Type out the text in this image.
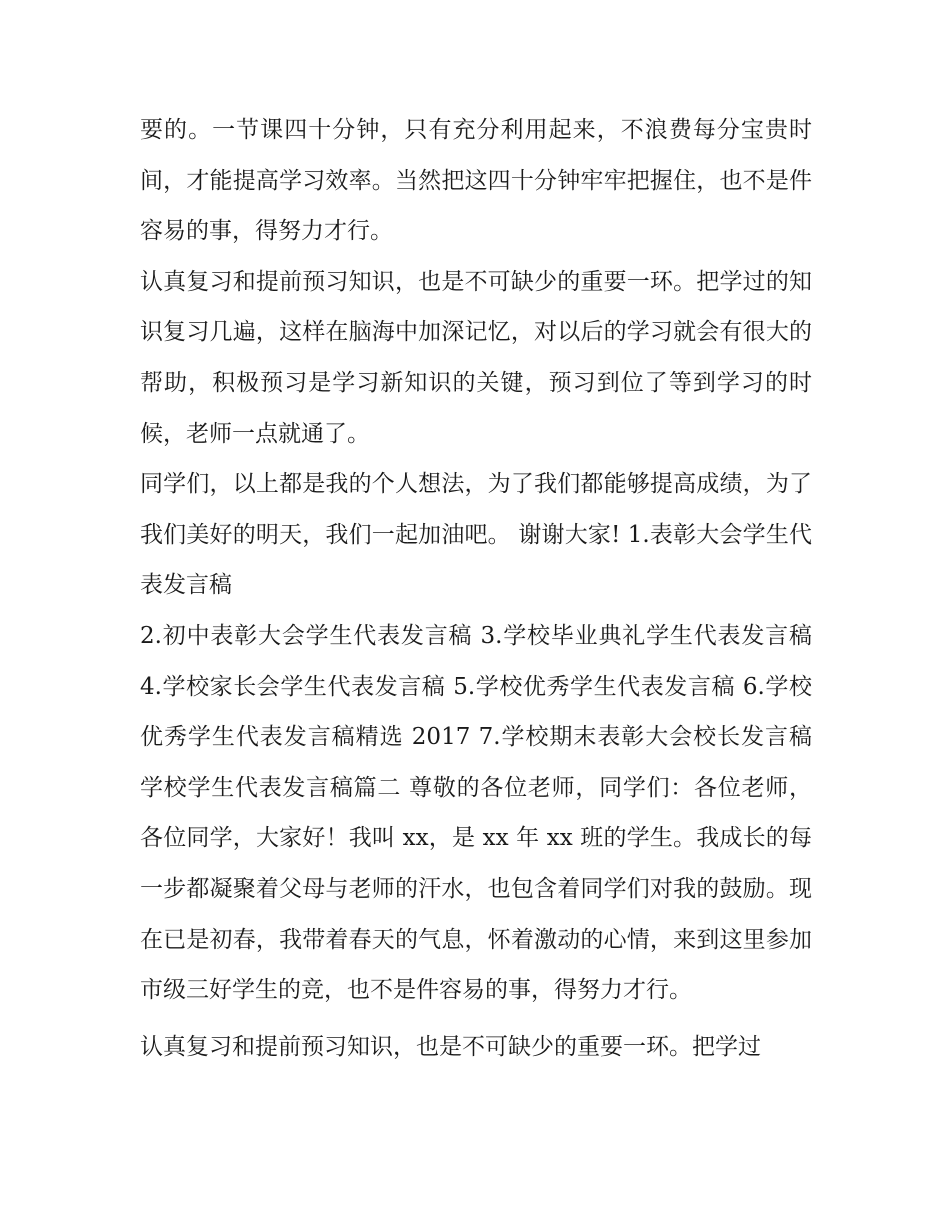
要的。一节课四十分钟，只有充分利用起来，不浪费每分宝贵时间，才能提高学习效率。当然把这四十分钟牢牢把握住，也不是件容易的事，得努力才行。

认真复习和提前预习知识，也是不可缺少的重要一环。把学过的知识复习几遍，这样在脑海中加深记忆，对以后的学习就会有很大的帮助，积极预习是学习新知识的关键，预习到位了等到学习的时候，老师一点就通了。

同学们，以上都是我的个人想法，为了我们都能够提高成绩，为了我们美好的明天，我们一起加油吧。 谢谢大家! 1.表彰大会学生代表发言稿

2.初中表彰大会学生代表发言稿 3.学校毕业典礼学生代表发言稿 4.学校家长会学生代表发言稿 5.学校优秀学生代表发言稿 6.学校优秀学生代表发言稿精选 2017 7.学校期末表彰大会校长发言稿 学校学生代表发言稿篇二 尊敬的各位老师，同学们：各位老师，各位同学，大家好！我叫 xx，是 xx 年 xx 班的学生。我成长的每一步都凝聚着父母与老师的汗水，也包含着同学们对我的鼓励。现在已是初春，我带着春天的气息，怀着激动的心情，来到这里参加市级三好学生的竞，也不是件容易的事，得努力才行。

认真复习和提前预习知识，也是不可缺少的重要一环。把学过
